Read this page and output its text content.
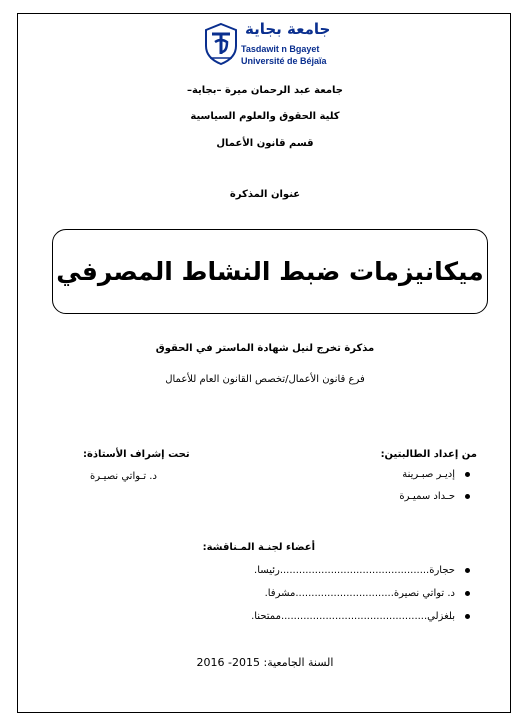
جامعة بجاية
Tasdawit n Bgayet
Université de Béjaïa
جامعة عبد الرحمان ميرة –بجاية–
كلية الحقوق والعلوم السياسية
قسم قانون الأعمال
عنوان المذكرة
ميكانيزمات ضبط النشاط المصرفي
مذكرة تخرج لنيل شهادة الماستر في الحقوق
فرع قانون الأعمال/تخصص القانون العام للأعمال
من إعداد الطالبتين:
إديـر صبـرينة
حـداد سميـرة
تحت إشراف الأستاذة:
د. تـواتي نصيـرة
أعضاء لجنـة المـناقشة:
حجارة...............................................رئيسا.
د. تواتي نصيرة...............................مشرفا.
بلغزلي..............................................ممتحنا.
السنة الجامعية: 2015- 2016
